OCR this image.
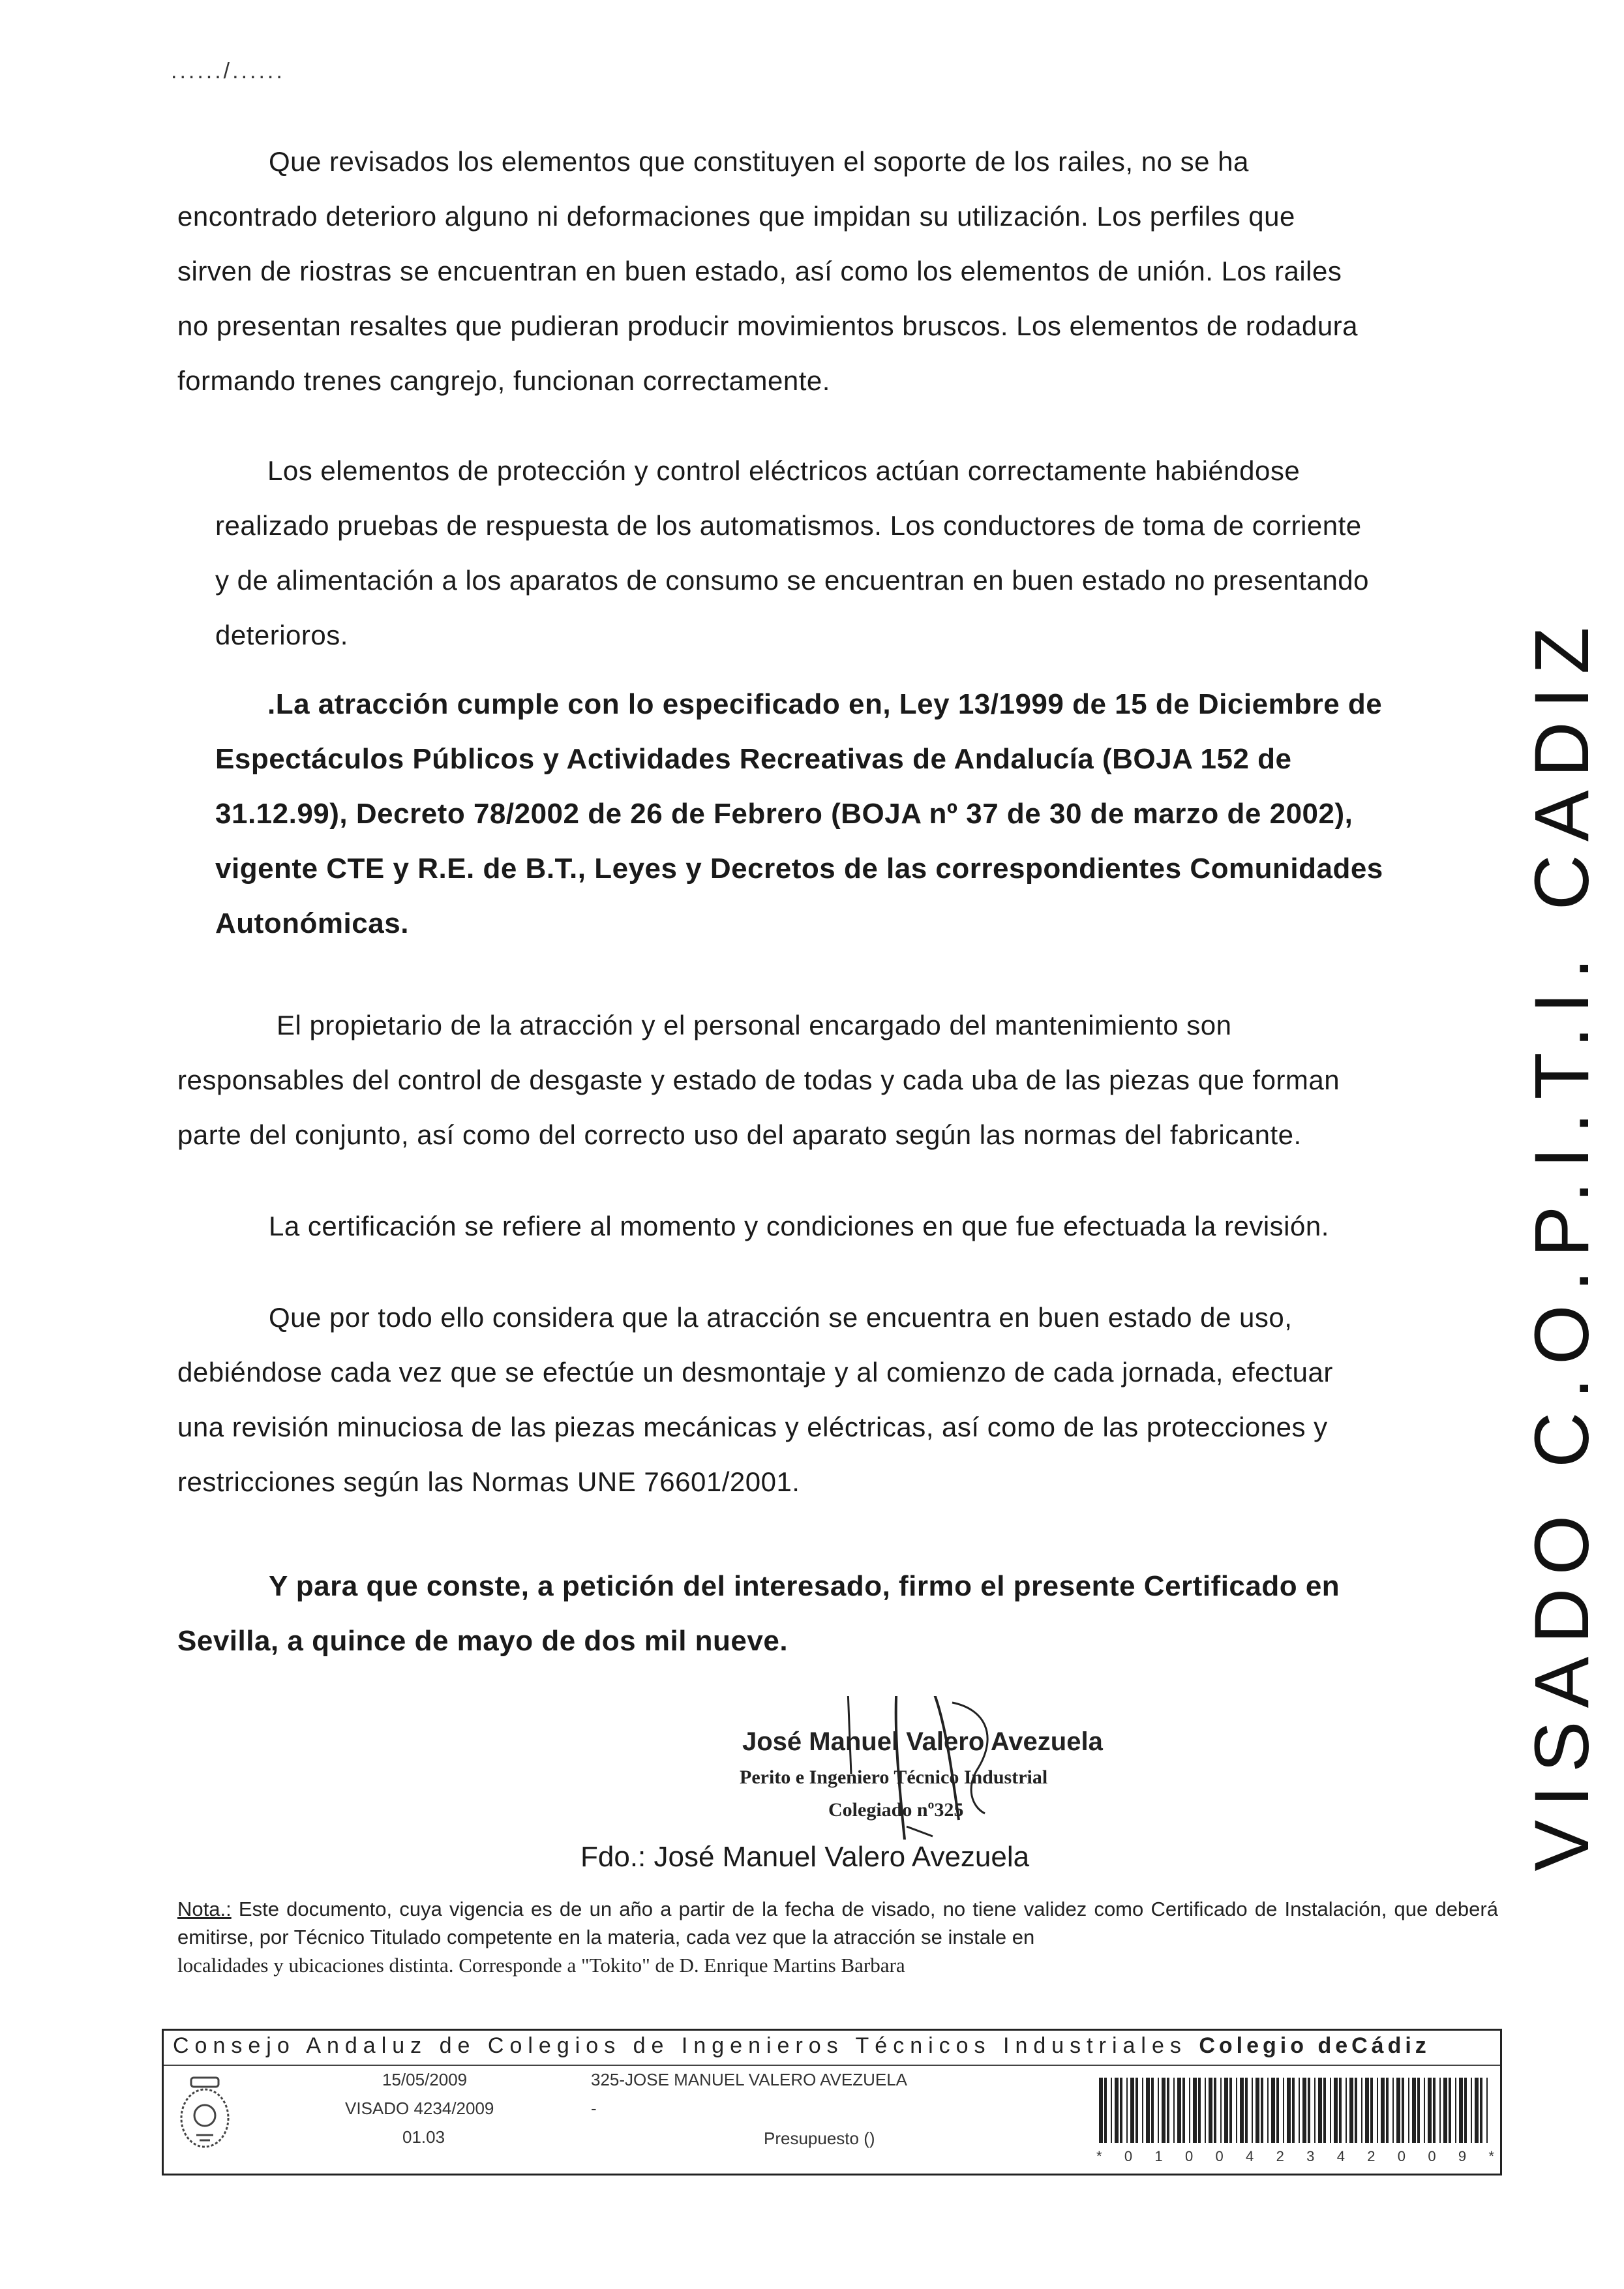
....../......
Que revisados los elementos que constituyen el soporte de los railes, no se ha
encontrado deterioro alguno ni deformaciones que impidan su utilización. Los perfiles que
sirven de riostras se encuentran en buen estado, así como los elementos de unión. Los railes
no presentan resaltes que pudieran producir movimientos bruscos. Los elementos de rodadura
formando trenes cangrejo, funcionan correctamente.
Los elementos de protección y control eléctricos actúan correctamente habiéndose
realizado pruebas de respuesta de los automatismos. Los conductores de toma de corriente
y de alimentación a los aparatos de consumo se encuentran en buen estado no presentando
deterioros.
.La atracción cumple con lo especificado en, Ley 13/1999 de 15 de Diciembre de
Espectáculos Públicos y Actividades Recreativas de Andalucía (BOJA 152 de
31.12.99), Decreto 78/2002 de 26 de Febrero (BOJA nº 37 de 30 de marzo de 2002),
vigente CTE y R.E. de B.T., Leyes y Decretos de las correspondientes Comunidades
Autonómicas.
El propietario de la atracción y el personal encargado del mantenimiento son
responsables del control de desgaste y estado de todas y cada uba de las piezas que forman
parte del conjunto, así como del correcto uso del aparato según las normas del fabricante.
La certificación se refiere al momento y condiciones en que fue efectuada la revisión.
Que por todo ello considera que la atracción se encuentra en buen estado de uso,
debiéndose cada vez que se efectúe un desmontaje y al comienzo de cada jornada, efectuar
una revisión minuciosa de las piezas mecánicas y eléctricas, así como de las protecciones y
restricciones según las Normas UNE 76601/2001.
Y para que conste, a petición del interesado, firmo el presente Certificado en
Sevilla, a quince de mayo de dos mil nueve.	VISADO C.O.P.I.T.I. CADIZ
José Manuel Valero Avezuela
Perito e Ingeniero Técnico Industrial
Colegiado nº325
Fdo.: José Manuel Valero Avezuela
Nota.: Este documento, cuya vigencia es de un año a partir de la fecha de visado, no tiene validez como Certificado de Instalación, que deberá emitirse, por Técnico Titulado competente en la materia, cada vez que la atracción se instale en
localidades y ubicaciones distinta. Corresponde a "Tokito" de D. Enrique Martins Barbara
Consejo Andaluz de Colegios de Ingenieros Técnicos Industriales Colegio deCádiz
15/05/2009
VISADO 4234/2009
01.03
325-JOSE MANUEL VALERO AVEZUELA
-
Presupuesto ()
* 0 1 0 0 4 2 3 4 2 0 0 9 *
